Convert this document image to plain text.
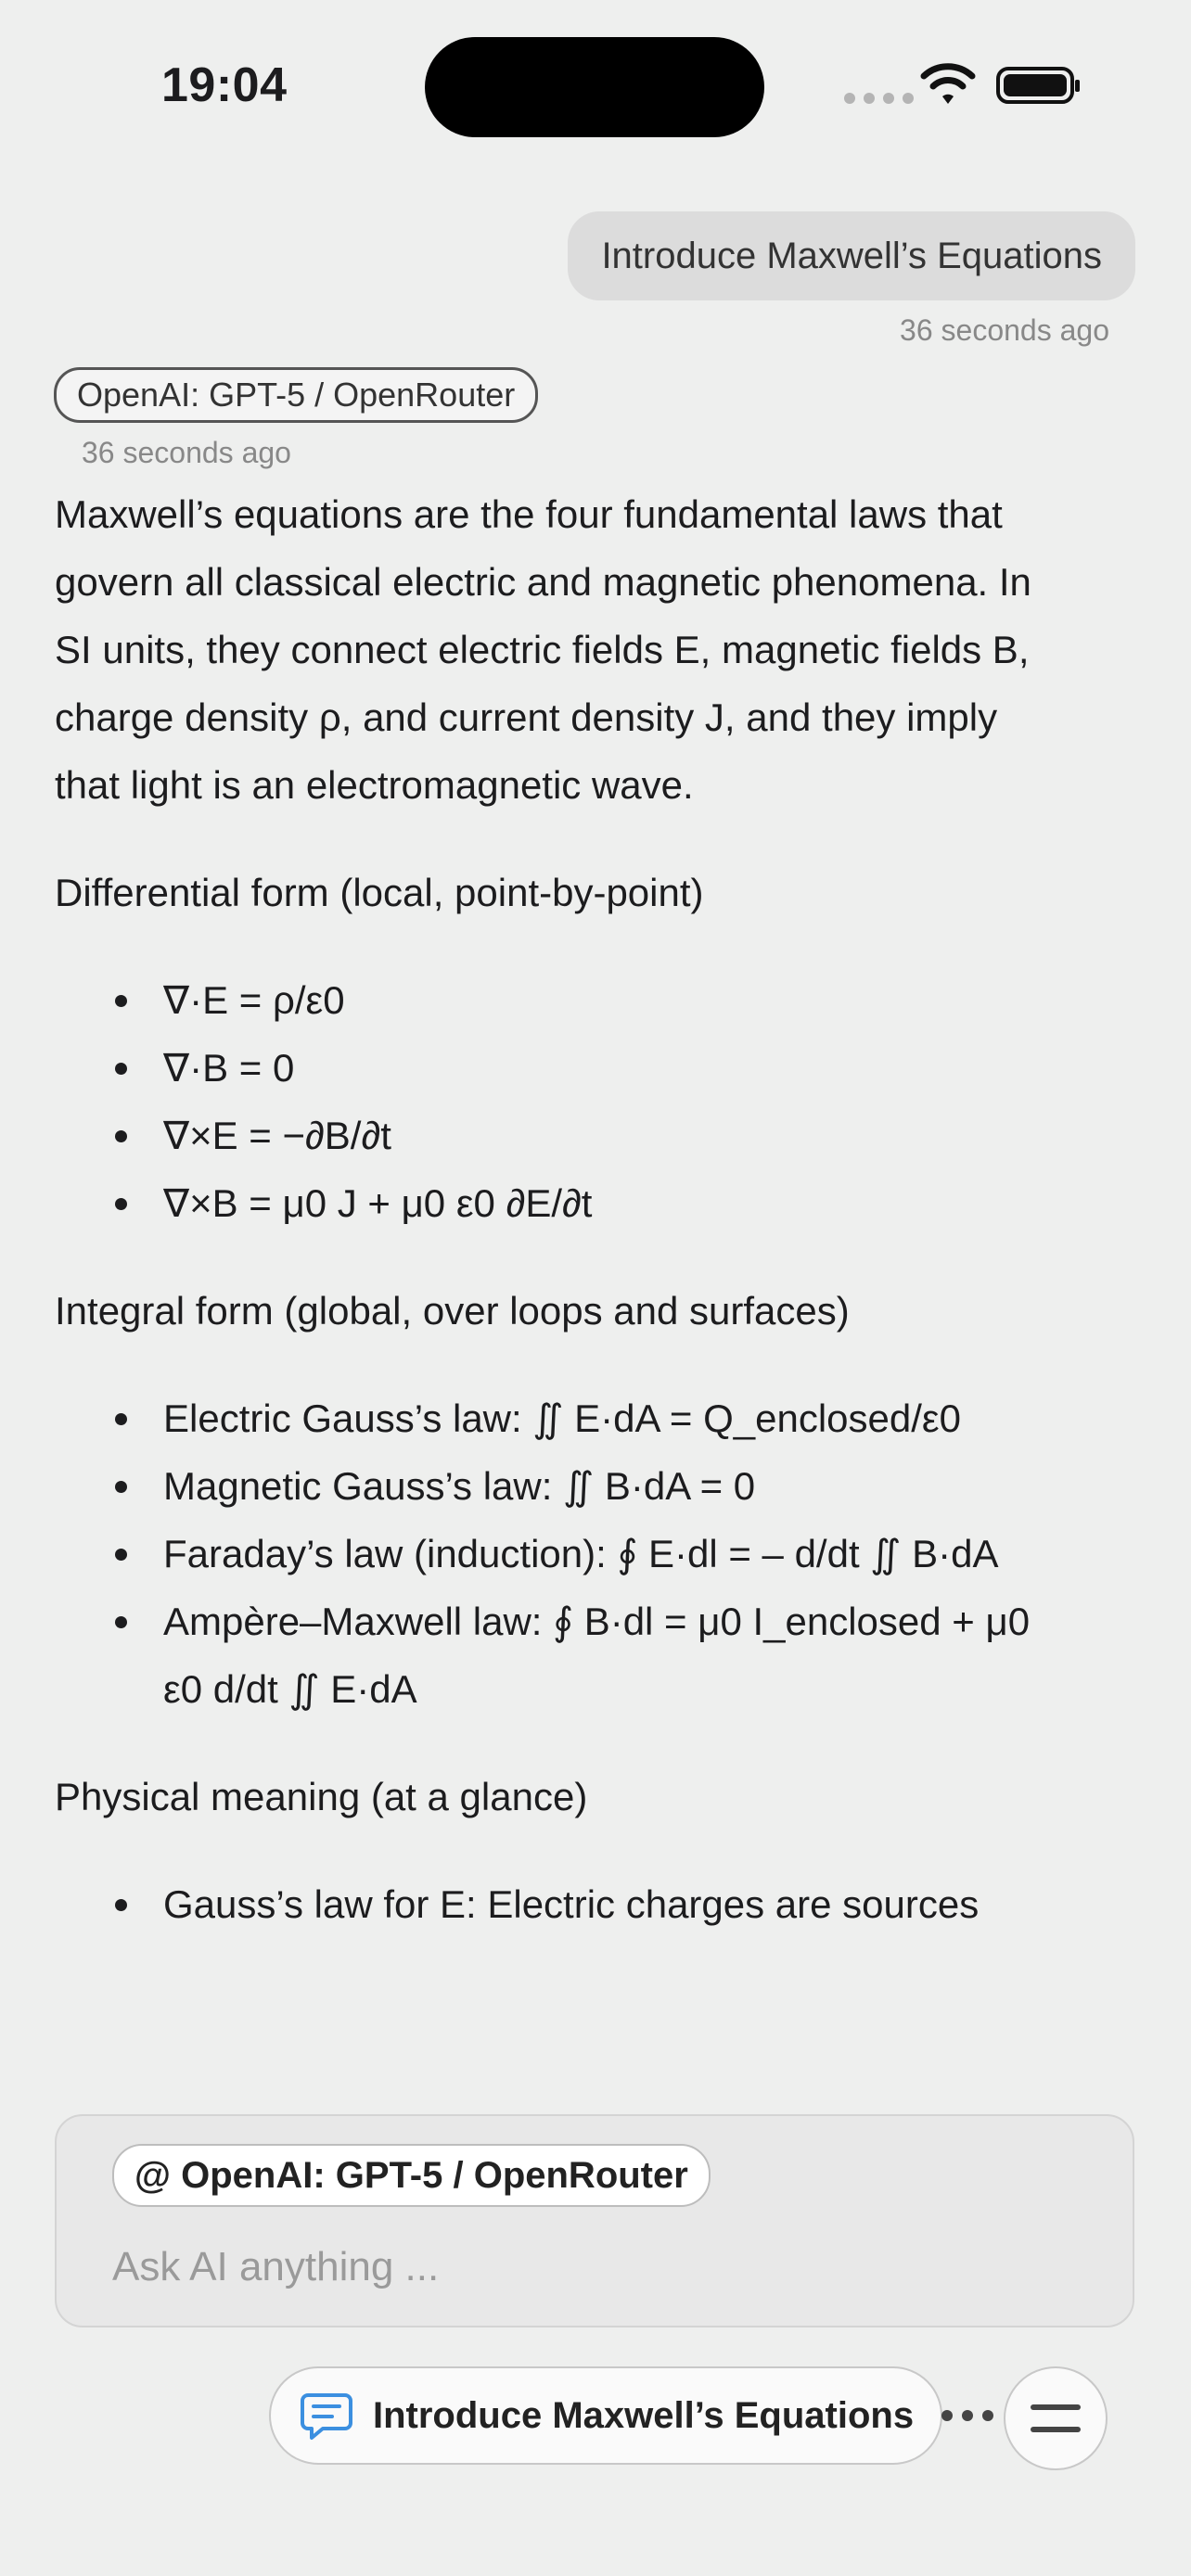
19:04
Introduce Maxwell’s Equations
36 seconds ago
OpenAI: GPT-5 / OpenRouter
36 seconds ago

Maxwell’s equations are the four fundamental laws that govern all classical electric and magnetic phenomena. In SI units, they connect electric fields E, magnetic fields B, charge density ρ, and current density J, and they imply that light is an electromagnetic wave.

Differential form (local, point-by-point)

∇·E = ρ/ε0
∇·B = 0
∇×E = −∂B/∂t
∇×B = μ0 J + μ0 ε0 ∂E/∂t

Integral form (global, over loops and surfaces)

Electric Gauss’s law: ∬ E·dA = Q_enclosed/ε0
Magnetic Gauss’s law: ∬ B·dA = 0
Faraday’s law (induction): ∮ E·dl = – d/dt ∬ B·dA
Ampère–Maxwell law: ∮ B·dl = μ0 I_enclosed + μ0 ε0 d/dt ∬ E·dA

Physical meaning (at a glance)

Gauss’s law for E: Electric charges are sources
@ OpenAI: GPT-5 / OpenRouter
Ask AI anything ...
Introduce Maxwell’s Equations
